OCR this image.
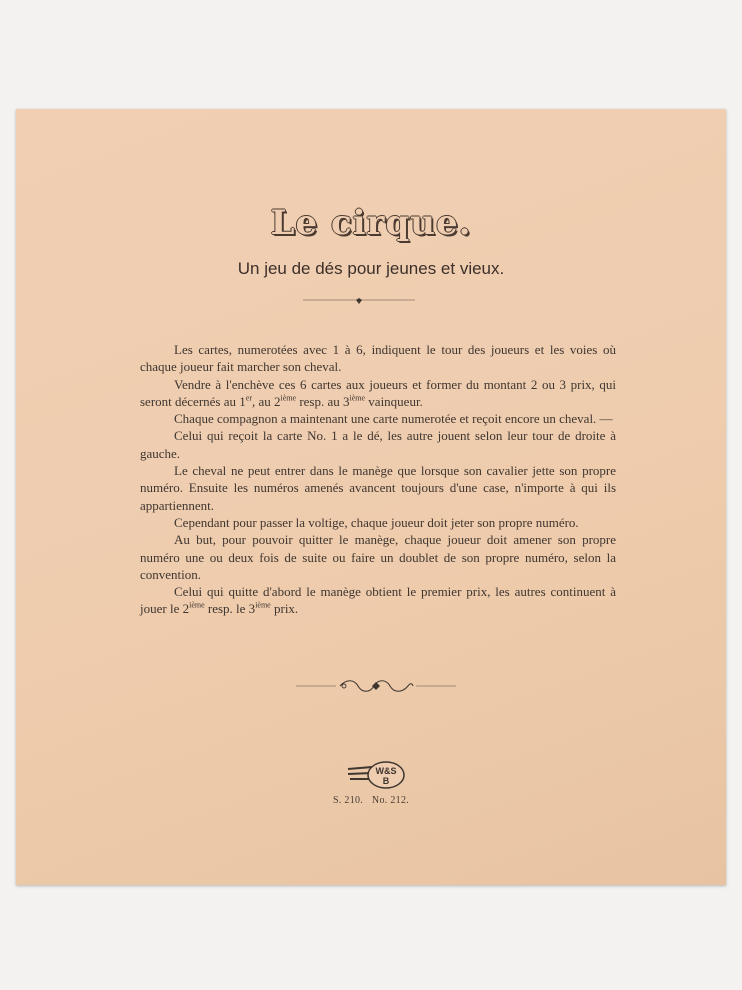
Le cirque.
Un jeu de dés pour jeunes et vieux.

Les cartes, numerotées avec 1 à 6, indiquent le tour des joueurs et les voies où chaque joueur fait marcher son cheval.

Vendre à l'enchève ces 6 cartes aux joueurs et former du montant 2 ou 3 prix, qui seront décernés au 1er, au 2ième resp. au 3ième vainqueur.

Chaque compagnon a maintenant une carte numerotée et reçoit encore un cheval. —

Celui qui reçoit la carte No. 1 a le dé, les autre jouent selon leur tour de droite à gauche.

Le cheval ne peut entrer dans le manège que lorsque son cavalier jette son propre numéro. Ensuite les numéros amenés avancent toujours d'une case, n'importe à qui ils appartiennent.

Cependant pour passer la voltige, chaque joueur doit jeter son propre numéro.

Au but, pour pouvoir quitter le manège, chaque joueur doit amener son propre numéro une ou deux fois de suite ou faire un doublet de son propre numéro, selon la convention.

Celui qui quitte d'abord le manège obtient le premier prix, les autres continuent à jouer le 2ième resp. le 3ième prix.

W&S
B
S. 210. No. 212.
